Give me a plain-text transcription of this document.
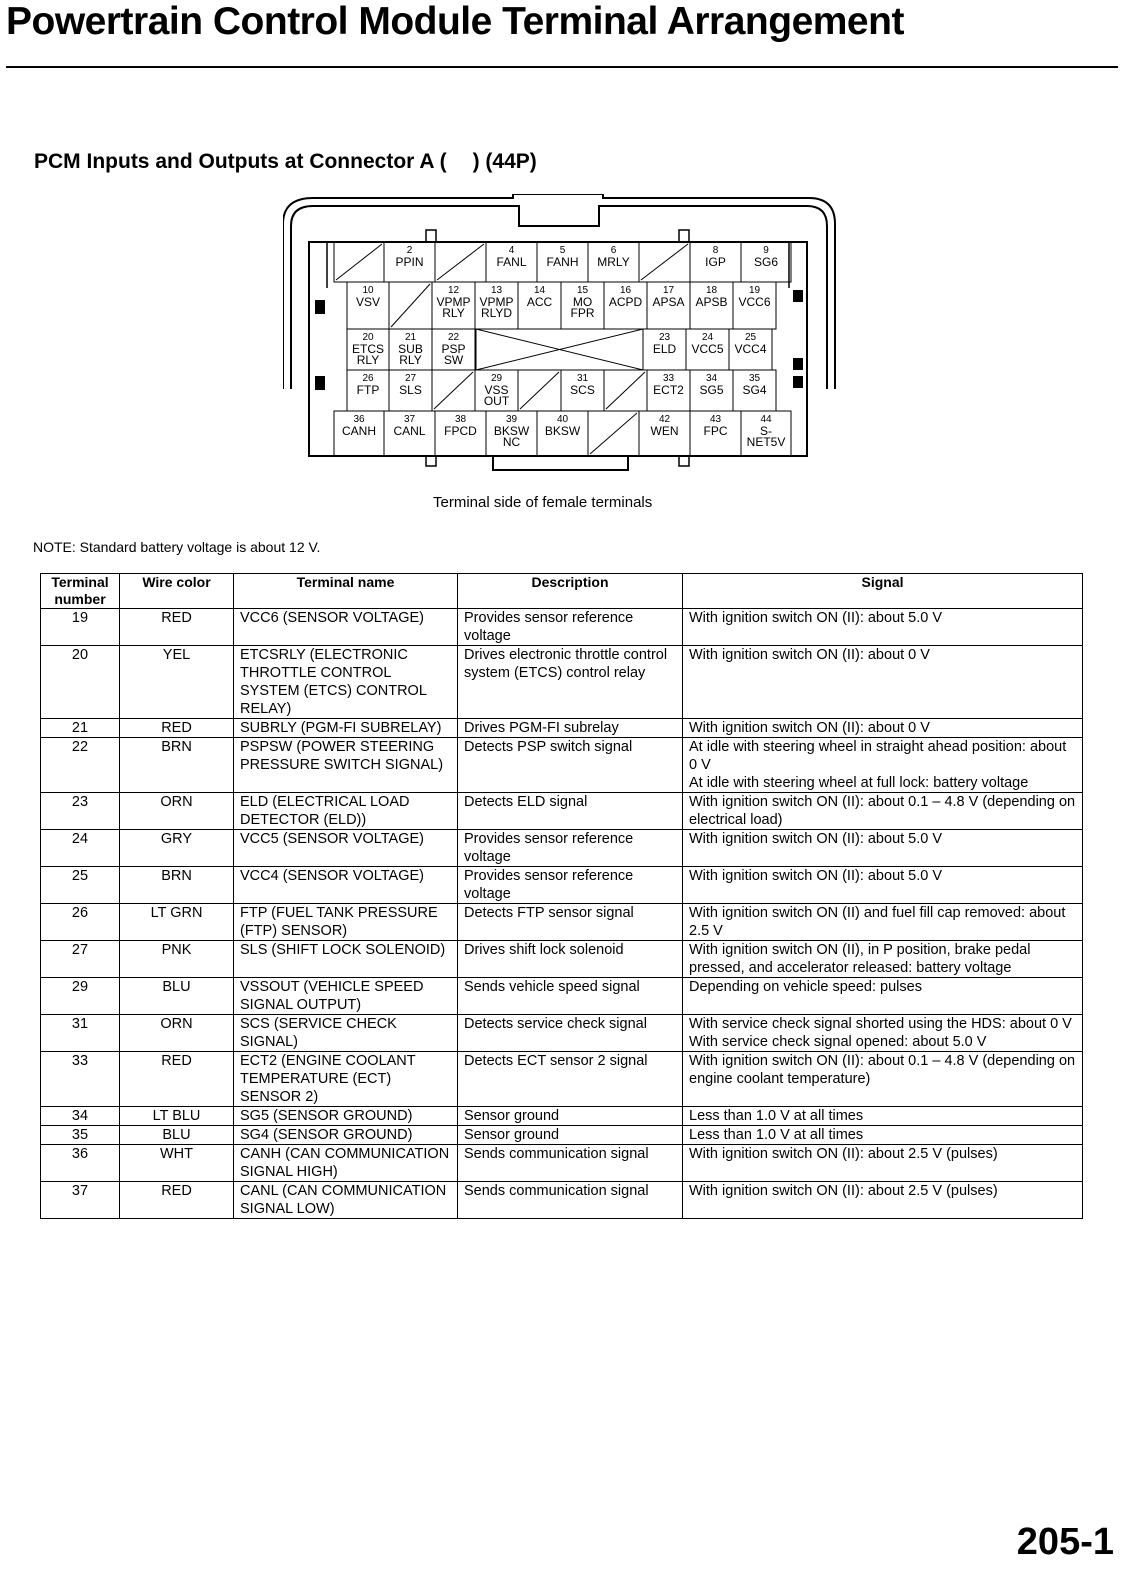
Powertrain Control Module Terminal Arrangement
PCM Inputs and Outputs at Connector A ( ) (44P)
2
PPIN
4
FANL
5
FANH
6
MRLY
8
IGP
9
SG6
10
VSV
12
VPMP
RLY
13
VPMP
RLYD
14
ACC
15
MO
FPR
16
ACPD
17
APSA
18
APSB
19
VCC6
20
ETCS
RLY
21
SUB
RLY
22
PSP
SW
23
ELD
24
VCC5
25
VCC4
26
FTP
27
SLS
29
VSS
OUT
31
SCS
33
ECT2
34
SG5
35
SG4
36
CANH
37
CANL
38
FPCD
39
BKSW
NC
40
BKSW
42
WEN
43
FPC
44
S-
NET5V
Terminal side of female terminals
NOTE: Standard battery voltage is about 12 V.
Terminal number	Wire color	Terminal name	Description	Signal
19	RED	VCC6 (SENSOR VOLTAGE)	Provides sensor reference voltage	With ignition switch ON (II): about 5.0 V
20	YEL	ETCSRLY (ELECTRONIC THROTTLE CONTROL SYSTEM (ETCS) CONTROL RELAY)	Drives electronic throttle control system (ETCS) control relay	With ignition switch ON (II): about 0 V
21	RED	SUBRLY (PGM-FI SUBRELAY)	Drives PGM-FI subrelay	With ignition switch ON (II): about 0 V
22	BRN	PSPSW (POWER STEERING PRESSURE SWITCH SIGNAL)	Detects PSP switch signal	At idle with steering wheel in straight ahead position: about 0 V
At idle with steering wheel at full lock: battery voltage
23	ORN	ELD (ELECTRICAL LOAD DETECTOR (ELD))	Detects ELD signal	With ignition switch ON (II): about 0.1 – 4.8 V (depending on electrical load)
24	GRY	VCC5 (SENSOR VOLTAGE)	Provides sensor reference voltage	With ignition switch ON (II): about 5.0 V
25	BRN	VCC4 (SENSOR VOLTAGE)	Provides sensor reference voltage	With ignition switch ON (II): about 5.0 V
26	LT GRN	FTP (FUEL TANK PRESSURE (FTP) SENSOR)	Detects FTP sensor signal	With ignition switch ON (II) and fuel fill cap removed: about 2.5 V
27	PNK	SLS (SHIFT LOCK SOLENOID)	Drives shift lock solenoid	With ignition switch ON (II), in P position, brake pedal pressed, and accelerator released: battery voltage
29	BLU	VSSOUT (VEHICLE SPEED SIGNAL OUTPUT)	Sends vehicle speed signal	Depending on vehicle speed: pulses
31	ORN	SCS (SERVICE CHECK SIGNAL)	Detects service check signal	With service check signal shorted using the HDS: about 0 V
With service check signal opened: about 5.0 V
33	RED	ECT2 (ENGINE COOLANT TEMPERATURE (ECT) SENSOR 2)	Detects ECT sensor 2 signal	With ignition switch ON (II): about 0.1 – 4.8 V (depending on engine coolant temperature)
34	LT BLU	SG5 (SENSOR GROUND)	Sensor ground	Less than 1.0 V at all times
35	BLU	SG4 (SENSOR GROUND)	Sensor ground	Less than 1.0 V at all times
36	WHT	CANH (CAN COMMUNICATION SIGNAL HIGH)	Sends communication signal	With ignition switch ON (II): about 2.5 V (pulses)
37	RED	CANL (CAN COMMUNICATION SIGNAL LOW)	Sends communication signal	With ignition switch ON (II): about 2.5 V (pulses)
205-1
